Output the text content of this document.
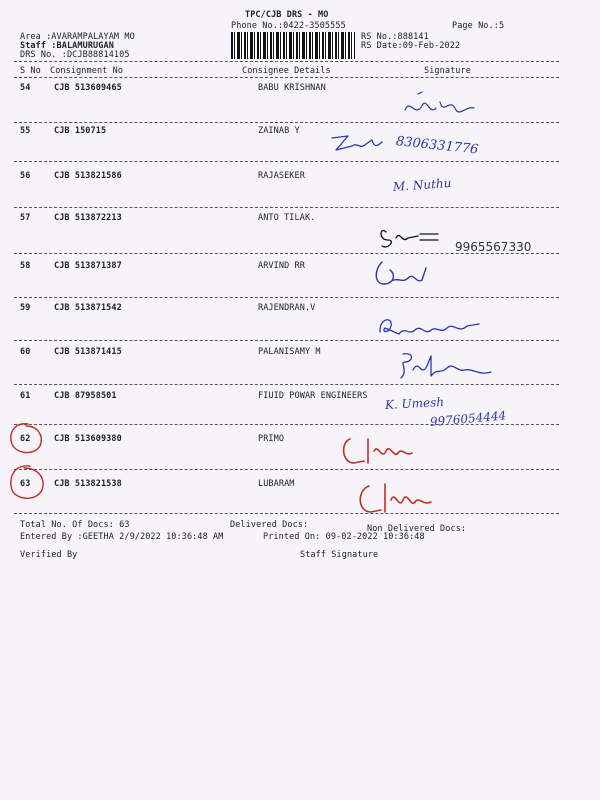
TPC/CJB DRS - MO
Phone No.:0422-3505555	Page No.:5
Area :AVARAMPALAYAM MO
Staff :BALAMURUGAN
DRS No. :DCJB88814105
RS No.:888141
RS Date:09-Feb-2022
S No Consignment No	Consignee Details	Signature
54	CJB 513609465	BABU KRISHNAN
55	CJB 150715	ZAINAB Y
56	CJB 513821586	RAJASEKER
57	CJB 513872213	ANTO TILAK.
58	CJB 513871387	ARVIND RR
59	CJB 513871542	RAJENDRAN.V
60	CJB 513871415	PALANISAMY M
61	CJB 87958501	FIUID POWAR ENGINEERS
62	CJB 513609380	PRIMO
63	CJB 513821538	LUBARAM
Total No. Of Docs: 63	Delivered Docs:	Non Delivered Docs:
Entered By :GEETHA 2/9/2022 10:36:48 AM	Printed On: 09-02-2022 10:36:48
Verified By	Staff Signature
8306331776
M. Nuthu
9965567330
K. Umesh
9976054444
